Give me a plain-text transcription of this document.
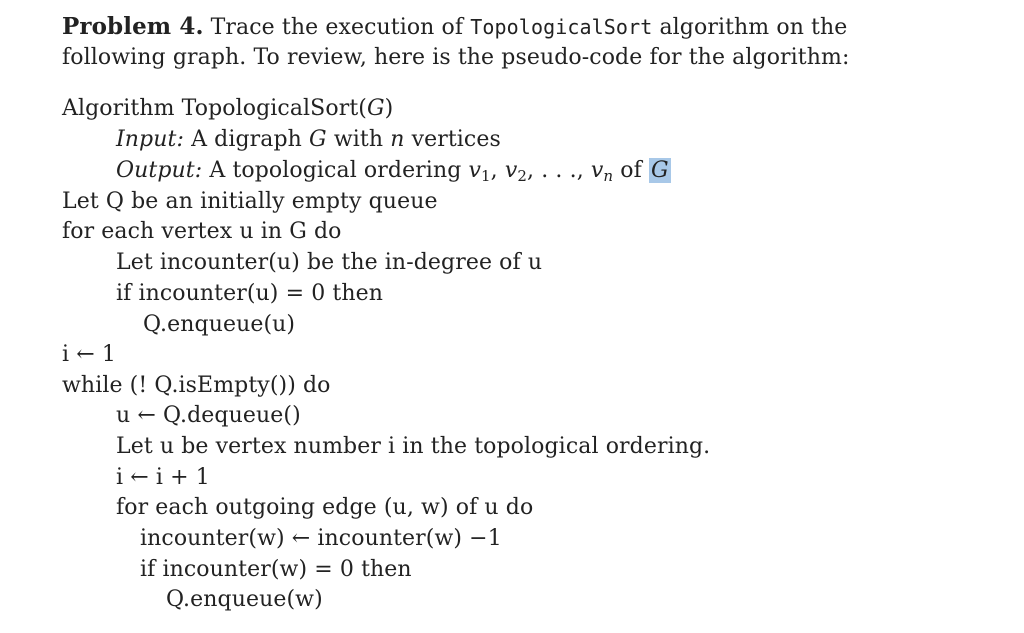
Problem 4. Trace the execution of TopologicalSort algorithm on the
following graph. To review, here is the pseudo-code for the algorithm:
Algorithm TopologicalSort(G)
Input: A digraph G with n vertices
Output: A topological ordering $v_1$, $v_2$, . . ., $v_n$ of G
Let Q be an initially empty queue
for each vertex u in G do
Let incounter(u) be the in-degree of u
if incounter(u) = 0 then
Q.enqueue(u)
i ← 1
while (! Q.isEmpty()) do
u ← Q.dequeue()
Let u be vertex number i in the topological ordering.
i ← i + 1
for each outgoing edge (u, w) of u do
incounter(w) ← incounter(w) −1
if incounter(w) = 0 then
Q.enqueue(w)
